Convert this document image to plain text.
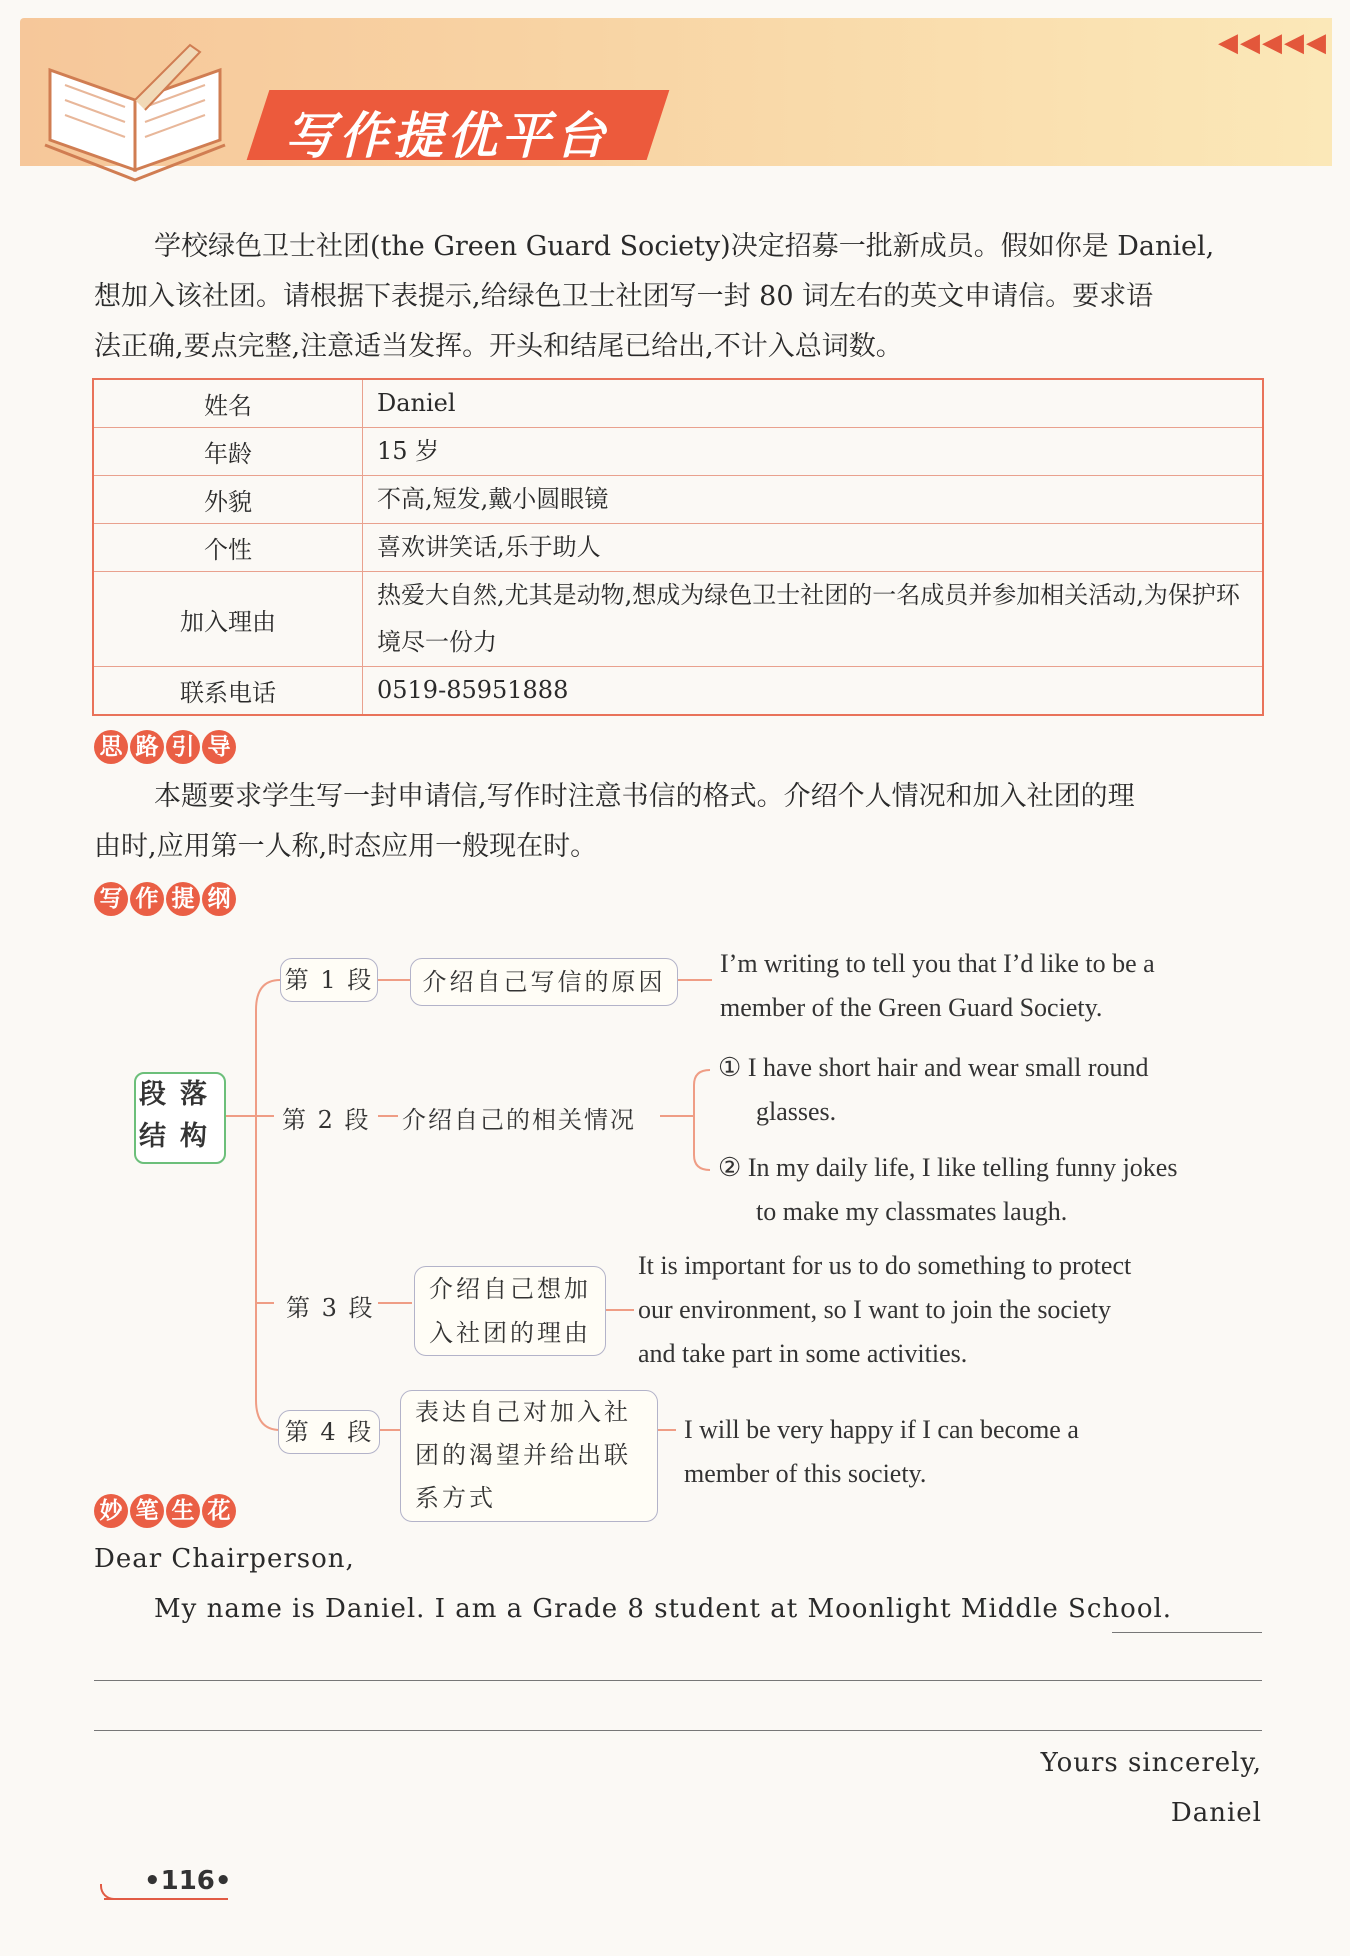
写作提优平台
◀◀◀◀◀
学校绿色卫士社团(the Green Guard Society)决定招募一批新成员。假如你是 Daniel,
想加入该社团。请根据下表提示,给绿色卫士社团写一封 80 词左右的英文申请信。要求语
法正确,要点完整,注意适当发挥。开头和结尾已给出,不计入总词数。
姓名	Daniel
年龄	15 岁
外貌	不高,短发,戴小圆眼镜
个性	喜欢讲笑话,乐于助人
加入理由	热爱大自然,尤其是动物,想成为绿色卫士社团的一名成员并参加相关活动,为保护环境尽一份力
联系电话	0519-85951888
思 路 引 导
本题要求学生写一封申请信,写作时注意书信的格式。介绍个人情况和加入社团的理
由时,应用第一人称,时态应用一般现在时。
写 作 提 纲
段落
结构
第 1 段	介绍自己写信的原因
I’m writing to tell you that I’d like to be a
member of the Green Guard Society.
第 2 段 介绍自己的相关情况
① I have short hair and wear small round
glasses.
② In my daily life, I like telling funny jokes
to make my classmates laugh.
第 3 段
介绍自己想加
入社团的理由
It is important for us to do something to protect
our environment, so I want to join the society
and take part in some activities.
第 4 段
表达自己对加入社
团的渴望并给出联
系方式
I will be very happy if I can become a
member of this society.
妙 笔 生 花
Dear Chairperson,
My name is Daniel. I am a Grade 8 student at Moonlight Middle School.
Yours sincerely,
Daniel
•116•
